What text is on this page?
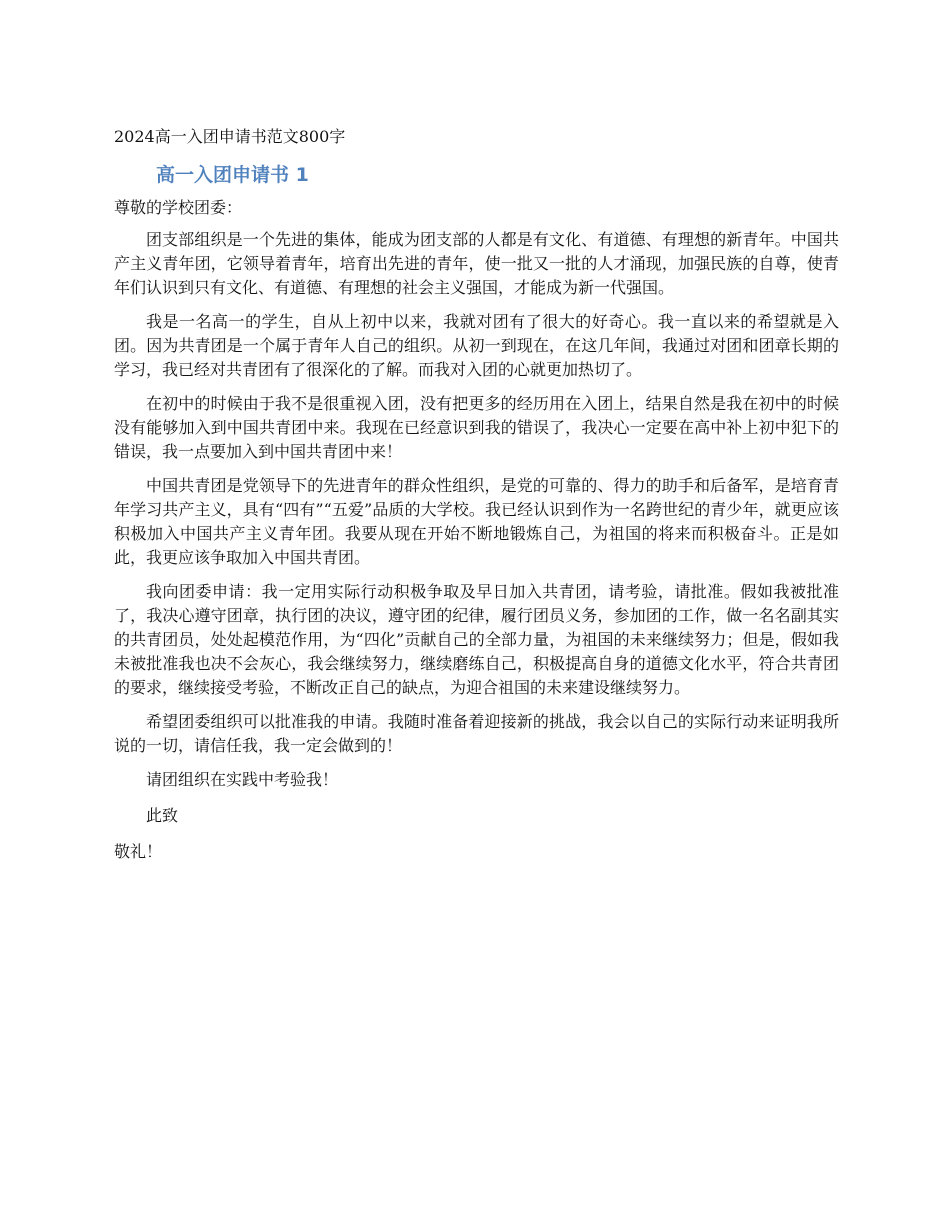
2024高一入团申请书范文800字
高一入团申请书 1
尊敬的学校团委：

团支部组织是一个先进的集体，能成为团支部的人都是有文化、有道德、有理想的新青年。中国共产主义青年团，它领导着青年，培育出先进的青年，使一批又一批的人才涌现，加强民族的自尊，使青年们认识到只有文化、有道德、有理想的社会主义强国，才能成为新一代强国。

我是一名高一的学生，自从上初中以来，我就对团有了很大的好奇心。我一直以来的希望就是入团。因为共青团是一个属于青年人自己的组织。从初一到现在，在这几年间，我通过对团和团章长期的学习，我已经对共青团有了很深化的了解。而我对入团的心就更加热切了。

在初中的时候由于我不是很重视入团，没有把更多的经历用在入团上，结果自然是我在初中的时候没有能够加入到中国共青团中来。我现在已经意识到我的错误了，我决心一定要在高中补上初中犯下的错误，我一点要加入到中国共青团中来！

中国共青团是党领导下的先进青年的群众性组织，是党的可靠的、得力的助手和后备军，是培育青年学习共产主义，具有“四有”“五爱”品质的大学校。我已经认识到作为一名跨世纪的青少年，就更应该积极加入中国共产主义青年团。我要从现在开始不断地锻炼自己，为祖国的将来而积极奋斗。正是如此，我更应该争取加入中国共青团。

我向团委申请：我一定用实际行动积极争取及早日加入共青团，请考验，请批准。假如我被批准了，我决心遵守团章，执行团的决议，遵守团的纪律，履行团员义务，参加团的工作，做一名名副其实的共青团员，处处起模范作用，为“四化”贡献自己的全部力量，为祖国的未来继续努力；但是，假如我未被批准我也决不会灰心，我会继续努力，继续磨练自己，积极提高自身的道德文化水平，符合共青团的要求，继续接受考验，不断改正自己的缺点，为迎合祖国的未来建设继续努力。

希望团委组织可以批准我的申请。我随时准备着迎接新的挑战，我会以自己的实际行动来证明我所说的一切，请信任我，我一定会做到的！

请团组织在实践中考验我！
此致
敬礼！
